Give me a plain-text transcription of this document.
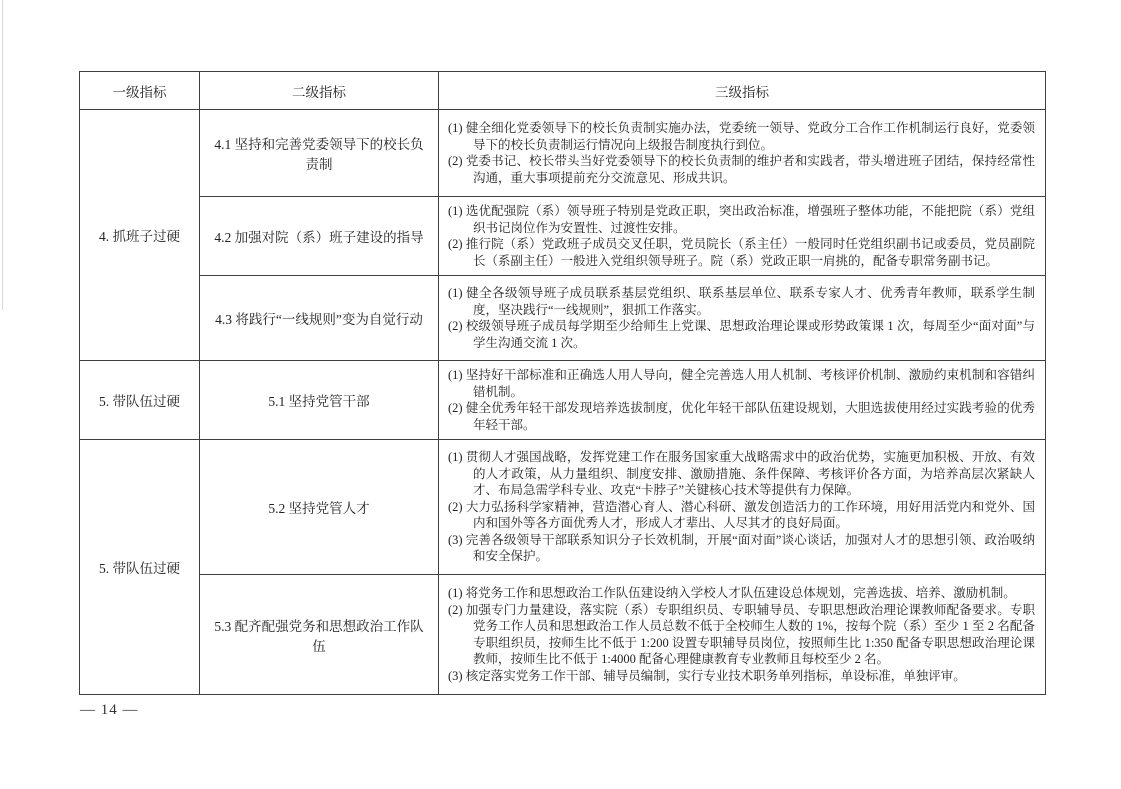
一级指标	二级指标	三级指标
4. 抓班子过硬	4.1 坚持和完善党委领导下的校长负责制	(1) 健全细化党委领导下的校长负责制实施办法，党委统一领导、党政分工合作工作机制运行良好，党委领导下的校长负责制运行情况向上级报告制度执行到位。
(2) 党委书记、校长带头当好党委领导下的校长负责制的维护者和实践者，带头增进班子团结，保持经常性沟通，重大事项提前充分交流意见、形成共识。

	4.2 加强对院（系）班子建设的指导	(1) 选优配强院（系）领导班子特别是党政正职，突出政治标准，增强班子整体功能，不能把院（系）党组织书记岗位作为安置性、过渡性安排。
(2) 推行院（系）党政班子成员交叉任职，党员院长（系主任）一般同时任党组织副书记或委员，党员副院长（系副主任）一般进入党组织领导班子。院（系）党政正职一肩挑的，配备专职常务副书记。

	4.3 将践行“一线规则”变为自觉行动	(1) 健全各级领导班子成员联系基层党组织、联系基层单位、联系专家人才、优秀青年教师，联系学生制度，坚决践行“一线规则”，狠抓工作落实。
(2) 校级领导班子成员每学期至少给师生上党课、思想政治理论课或形势政策课 1 次，每周至少“面对面”与学生沟通交流 1 次。

5. 带队伍过硬	5.1 坚持党管干部	(1) 坚持好干部标准和正确选人用人导向，健全完善选人用人机制、考核评价机制、激励约束机制和容错纠错机制。
(2) 健全优秀年轻干部发现培养选拔制度，优化年轻干部队伍建设规划，大胆选拔使用经过实践考验的优秀年轻干部。

5. 带队伍过硬	5.2 坚持党管人才	(1) 贯彻人才强国战略，发挥党建工作在服务国家重大战略需求中的政治优势，实施更加积极、开放、有效的人才政策，从力量组织、制度安排、激励措施、条件保障、考核评价各方面，为培养高层次紧缺人才、布局急需学科专业、攻克“卡脖子”关键核心技术等提供有力保障。
(2) 大力弘扬科学家精神，营造潜心育人、潜心科研、激发创造活力的工作环境，用好用活党内和党外、国内和国外等各方面优秀人才，形成人才辈出、人尽其才的良好局面。
(3) 完善各级领导干部联系知识分子长效机制，开展“面对面”谈心谈话，加强对人才的思想引领、政治吸纳和安全保护。

	5.3 配齐配强党务和思想政治工作队伍	(1) 将党务工作和思想政治工作队伍建设纳入学校人才队伍建设总体规划，完善选拔、培养、激励机制。
(2) 加强专门力量建设，落实院（系）专职组织员、专职辅导员、专职思想政治理论课教师配备要求。专职党务工作人员和思想政治工作人员总数不低于全校师生人数的 1%，按每个院（系）至少 1 至 2 名配备专职组织员，按师生比不低于 1:200 设置专职辅导员岗位，按照师生比 1:350 配备专职思想政治理论课教师，按师生比不低于 1:4000 配备心理健康教育专业教师且每校至少 2 名。
(3) 核定落实党务工作干部、辅导员编制，实行专业技术职务单列指标，单设标准，单独评审。
— 14 —
